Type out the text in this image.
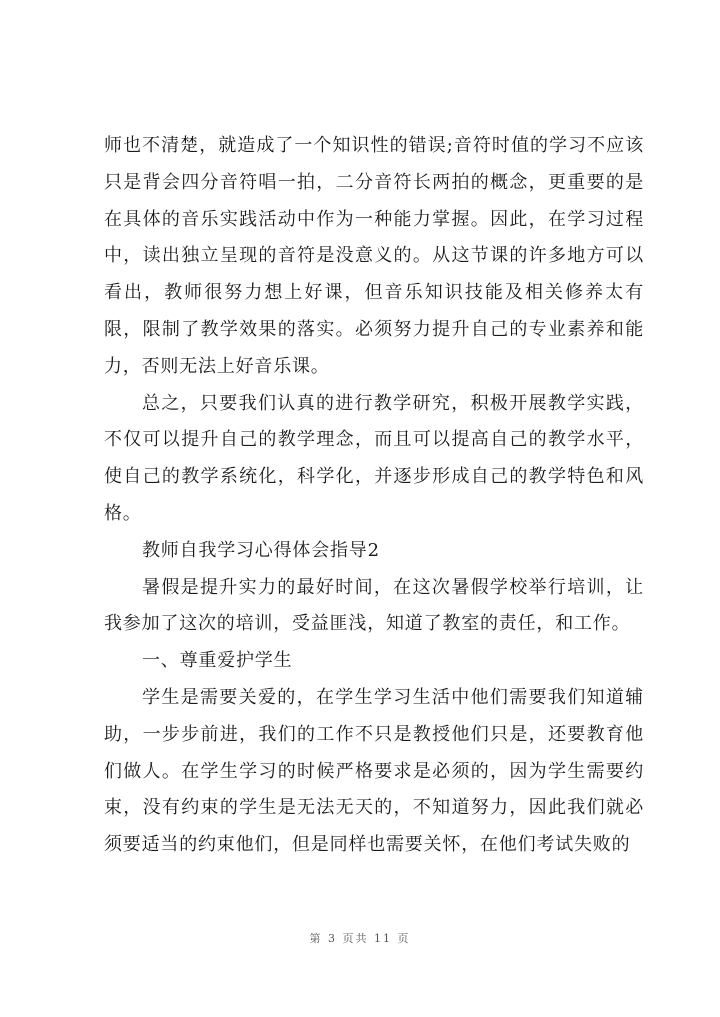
师也不清楚，就造成了一个知识性的错误;音符时值的学习不应该只是背会四分音符唱一拍，二分音符长两拍的概念，更重要的是在具体的音乐实践活动中作为一种能力掌握。因此，在学习过程中，读出独立呈现的音符是没意义的。从这节课的许多地方可以看出，教师很努力想上好课，但音乐知识技能及相关修养太有限，限制了教学效果的落实。必须努力提升自己的专业素养和能力，否则无法上好音乐课。

总之，只要我们认真的进行教学研究，积极开展教学实践，不仅可以提升自己的教学理念，而且可以提高自己的教学水平，使自己的教学系统化，科学化，并逐步形成自己的教学特色和风格。

教师自我学习心得体会指导2

暑假是提升实力的最好时间，在这次暑假学校举行培训，让我参加了这次的培训，受益匪浅，知道了教室的责任，和工作。

一、尊重爱护学生

学生是需要关爱的，在学生学习生活中他们需要我们知道辅助，一步步前进，我们的工作不只是教授他们只是，还要教育他们做人。在学生学习的时候严格要求是必须的，因为学生需要约束，没有约束的学生是无法无天的，不知道努力，因此我们就必须要适当的约束他们，但是同样也需要关怀，在他们考试失败的

第 3 页共 11 页
